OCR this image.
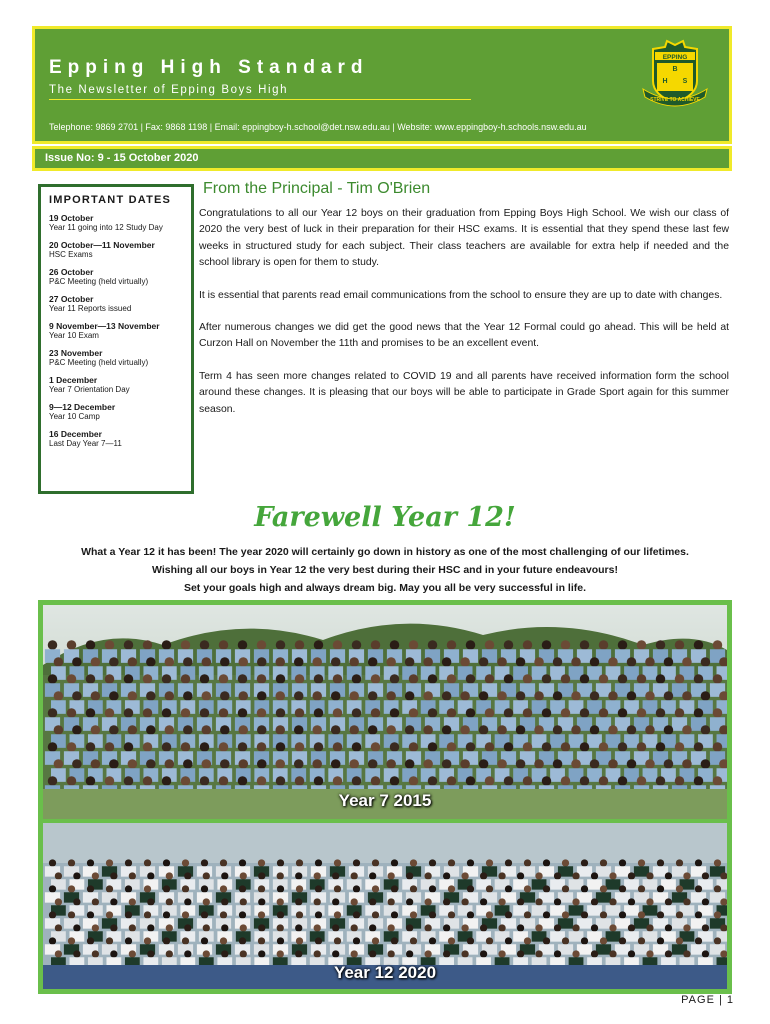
Epping High Standard
The Newsletter of Epping Boys High
Telephone: 9869 2701 | Fax: 9868 1198 | Email: eppingboy-h.school@det.nsw.edu.au | Website: www.eppingboy-h.schools.nsw.edu.au
EPPING
B
H S
STRIVE TO ACHIEVE
Issue No: 9 - 15 October 2020
IMPORTANT DATES
19 October
Year 11 going into 12 Study Day
20 October—11 November
HSC Exams
26 October
P&C Meeting (held virtually)
27 October
Year 11 Reports issued
9 November—13 November
Year 10 Exam
23 November
P&C Meeting (held virtually)
1 December
Year 7 Orientation Day
9—12 December
Year 10 Camp
16 December
Last Day Year 7—11
From the Principal - Tim O'Brien

Congratulations to all our Year 12 boys on their graduation from Epping Boys High School. We wish our class of 2020 the very best of luck in their preparation for their HSC exams. It is essential that they spend these last few weeks in structured study for each subject. Their class teachers are available for extra help if needed and the school library is open for them to study.

It is essential that parents read email communications from the school to ensure they are up to date with changes.

After numerous changes we did get the good news that the Year 12 Formal could go ahead. This will be held at Curzon Hall on November the 11th and promises to be an excellent event.

Term 4 has seen more changes related to COVID 19 and all parents have received information form the school around these changes. It is pleasing that our boys will be able to participate in Grade Sport again for this summer season.

Farewell Year 12!
What a Year 12 it has been! The year 2020 will certainly go down in history as one of the most challenging of our lifetimes.
Wishing all our boys in Year 12 the very best during their HSC and in your future endeavours!
Set your goals high and always dream big. May you all be very successful in life.
Year 7 2015
Year 12 2020
PAGE | 1
